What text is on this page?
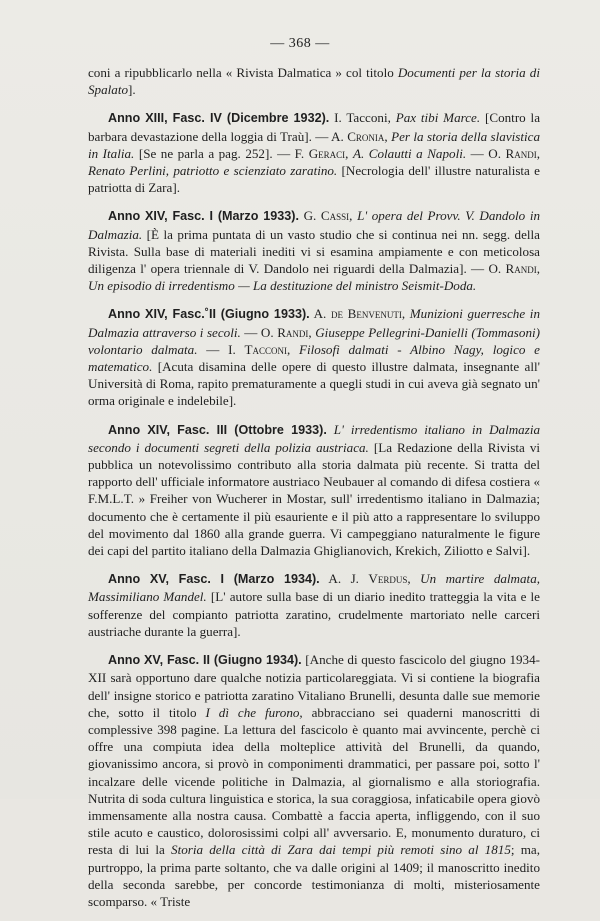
— 368 —

coni a ripubblicarlo nella « Rivista Dalmatica » col titolo Documenti per la storia di Spalato].

Anno XIII, Fasc. IV (Dicembre 1932). I. Tacconi, Pax tibi Marce. [Contro la barbara devastazione della loggia di Traù]. — A. Cronia, Per la storia della slavistica in Italia. [Se ne parla a pag. 252]. — F. Geraci, A. Colautti a Napoli. — O. Randi, Renato Perlini, patriotto e scienziato zaratino. [Necrologia dell' illustre naturalista e patriotta di Zara].

Anno XIV, Fasc. I (Marzo 1933). G. Cassi, L' opera del Provv. V. Dandolo in Dalmazia. [È la prima puntata di un vasto studio che si continua nei nn. segg. della Rivista. Sulla base di materiali inediti vi si esamina ampiamente e con meticolosa diligenza l' opera triennale di V. Dandolo nei riguardi della Dalmazia]. — O. Randi, Un episodio di irredentismo — La destituzione del ministro Seismit-Doda.

Anno XIV, Fasc.˚II (Giugno 1933). A. de Benvenuti, Munizioni guerresche in Dalmazia attraverso i secoli. — O. Randi, Giuseppe Pellegrini-Danielli (Tommasoni) volontario dalmata. — I. Tacconi, Filosofi dalmati - Albino Nagy, logico e matematico. [Acuta disamina delle opere di questo illustre dalmata, insegnante all' Università di Roma, rapito prematuramente a quegli studi in cui aveva già segnato un' orma originale e indelebile].

Anno XIV, Fasc. III (Ottobre 1933). L' irredentismo italiano in Dalmazia secondo i documenti segreti della polizia austriaca. [La Redazione della Rivista vi pubblica un notevolissimo contributo alla storia dalmata più recente. Si tratta del rapporto dell' ufficiale informatore austriaco Neubauer al comando di difesa costiera « F.M.L.T. » Freiher von Wucherer in Mostar, sull' irredentismo italiano in Dalmazia; documento che è certamente il più esauriente e il più atto a rappresentare lo sviluppo del movimento dal 1860 alla grande guerra. Vi campeggiano naturalmente le figure dei capi del partito italiano della Dalmazia Ghiglianovich, Krekich, Ziliotto e Salvi].

Anno XV, Fasc. I (Marzo 1934). A. J. Verdus, Un martire dalmata, Massimiliano Mandel. [L' autore sulla base di un diario inedito tratteggia la vita e le sofferenze del compianto patriotta zaratino, crudelmente martoriato nelle carceri austriache durante la guerra].

Anno XV, Fasc. II (Giugno 1934). [Anche di questo fascicolo del giugno 1934-XII sarà opportuno dare qualche notizia particolareggiata. Vi si contiene la biografia dell' insigne storico e patriotta zaratino Vitaliano Brunelli, desunta dalle sue memorie che, sotto il titolo I dì che furono, abbracciano sei quaderni manoscritti di complessive 398 pagine. La lettura del fascicolo è quanto mai avvincente, perchè ci offre una compiuta idea della molteplice attività del Brunelli, da quando, giovanissimo ancora, si provò in componimenti drammatici, per passare poi, sotto l' incalzare delle vicende politiche in Dalmazia, al giornalismo e alla storiografia. Nutrita di soda cultura linguistica e storica, la sua coraggiosa, infaticabile opera giovò immensamente alla nostra causa. Combattè a faccia aperta, infliggendo, con il suo stile acuto e caustico, dolorosissimi colpi all' avversario. E, monumento duraturo, ci resta di lui la Storia della città di Zara dai tempi più remoti sino al 1815; ma, purtroppo, la prima parte soltanto, che va dalle origini al 1409; il manoscritto inedito della seconda sarebbe, per concorde testimonianza di molti, misteriosamente scomparso. « Triste
